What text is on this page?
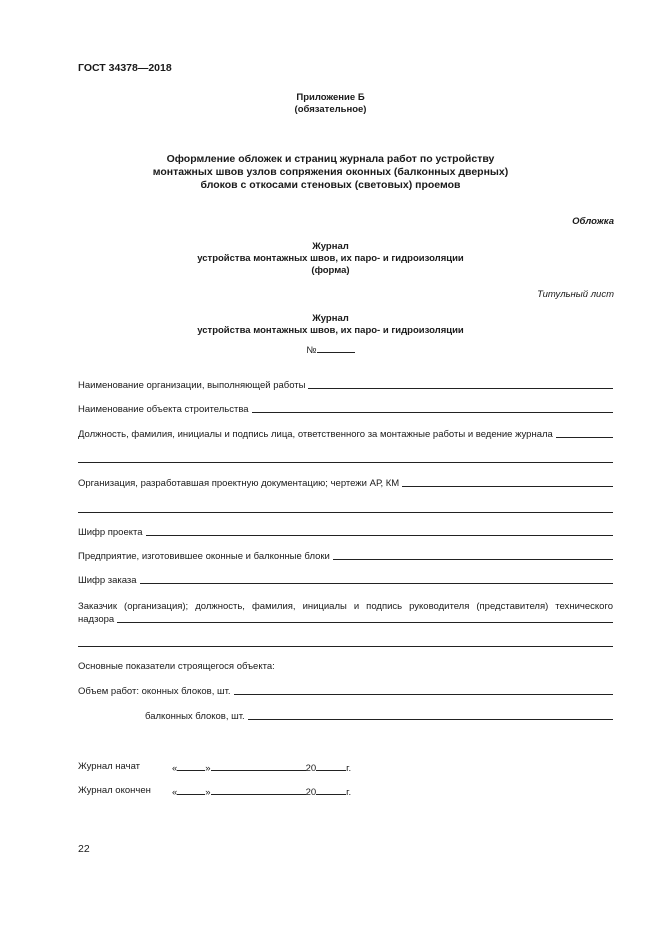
ГОСТ 34378—2018
Приложение Б
(обязательное)
Оформление обложек и страниц журнала работ по устройству
монтажных швов узлов сопряжения оконных (балконных дверных)
блоков с откосами стеновых (световых) проемов
Обложка
Журнал
устройства монтажных швов, их паро- и гидроизоляции
(форма)
Титульный лист
Журнал
устройства монтажных швов, их паро- и гидроизоляции
№
Наименование организации, выполняющей работы
Наименование объекта строительства
Должность, фамилия, инициалы и подпись лица, ответственного за монтажные работы и ведение журнала
Организация, разработавшая проектную документацию; чертежи АР, КМ
Шифр проекта
Предприятие, изготовившее оконные и балконные блоки
Шифр заказа
Заказчик (организация); должность, фамилия, инициалы и подпись руководителя (представителя) технического
надзора
Основные показатели строящегося объекта:
Объем работ: оконных блоков, шт.
балконных блоков, шт.
Журнал начат	«	»	20	г.
Журнал окончен «	»	20	г.
22
